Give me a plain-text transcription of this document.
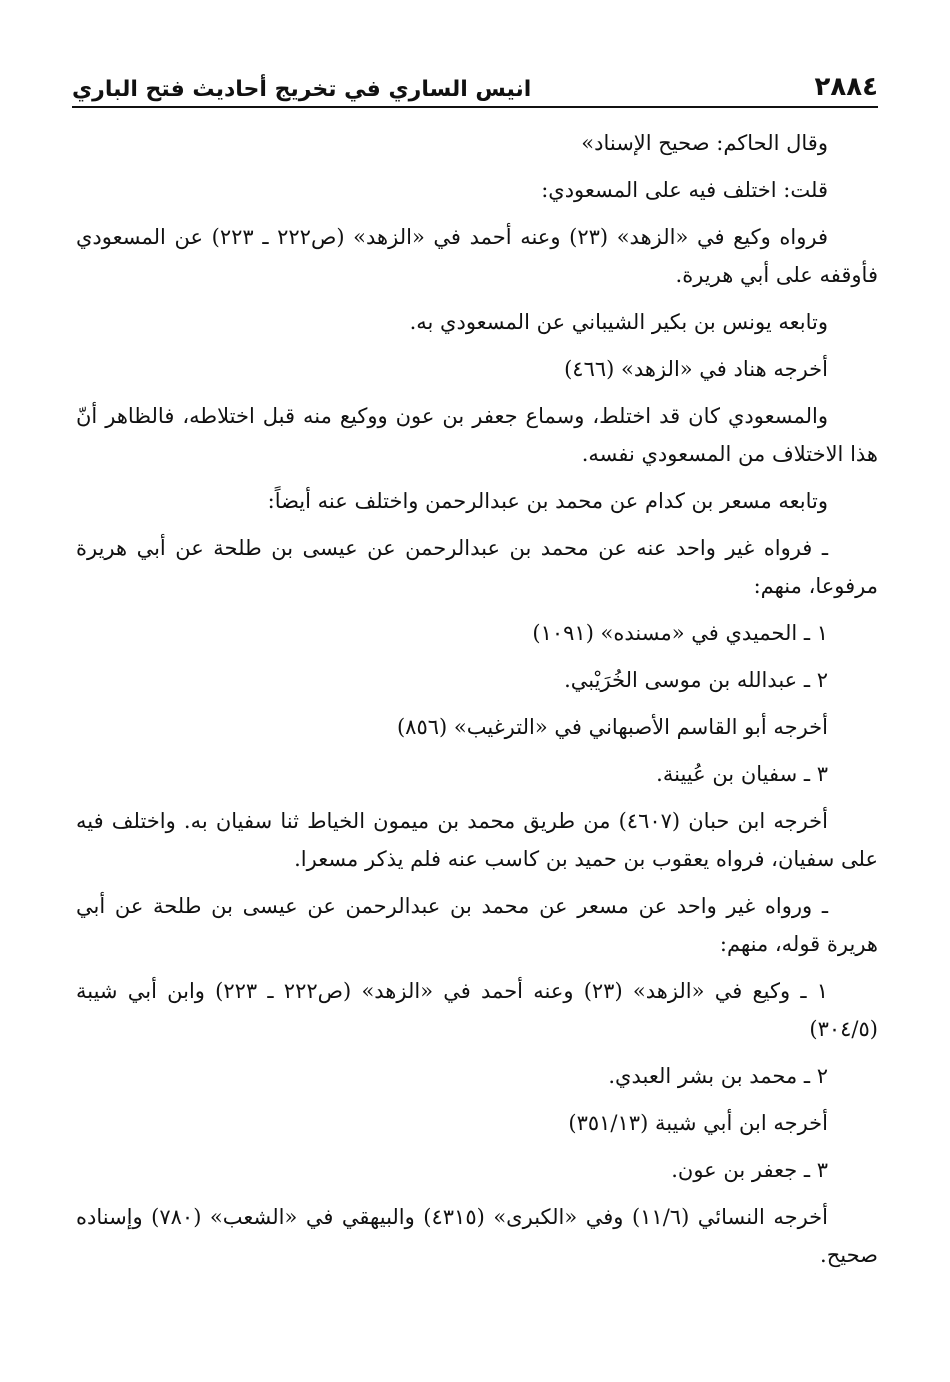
٢٨٨٤
انيس الساري في تخريج أحاديث فتح الباري

وقال الحاكم: صحيح الإسناد»

قلت: اختلف فيه على المسعودي:

فرواه وكيع في «الزهد» (٢٣) وعنه أحمد في «الزهد» (ص٢٢٢ ـ ٢٢٣) عن المسعودي فأوقفه على أبي هريرة.

وتابعه يونس بن بكير الشيباني عن المسعودي به.

أخرجه هناد في «الزهد» (٤٦٦)

والمسعودي كان قد اختلط، وسماع جعفر بن عون ووكيع منه قبل اختلاطه، فالظاهر أنّ هذا الاختلاف من المسعودي نفسه.

وتابعه مسعر بن كدام عن محمد بن عبدالرحمن واختلف عنه أيضاً:

ـ فرواه غير واحد عنه عن محمد بن عبدالرحمن عن عيسى بن طلحة عن أبي هريرة مرفوعا، منهم:

١ ـ الحميدي في «مسنده» (١٠٩١)

٢ ـ عبدالله بن موسى الخُرَيْبي.

أخرجه أبو القاسم الأصبهاني في «الترغيب» (٨٥٦)

٣ ـ سفيان بن عُيينة.

أخرجه ابن حبان (٤٦٠٧) من طريق محمد بن ميمون الخياط ثنا سفيان به. واختلف فيه على سفيان، فرواه يعقوب بن حميد بن كاسب عنه فلم يذكر مسعرا.

ـ ورواه غير واحد عن مسعر عن محمد بن عبدالرحمن عن عيسى بن طلحة عن أبي هريرة قوله، منهم:

١ ـ وكيع في «الزهد» (٢٣) وعنه أحمد في «الزهد» (ص٢٢٢ ـ ٢٢٣) وابن أبي شيبة (٣٠٤/٥)

٢ ـ محمد بن بشر العبدي.

أخرجه ابن أبي شيبة (٣٥١/١٣)

٣ ـ جعفر بن عون.

أخرجه النسائي (١١/٦) وفي «الكبرى» (٤٣١٥) والبيهقي في «الشعب» (٧٨٠) وإسناده صحيح.
